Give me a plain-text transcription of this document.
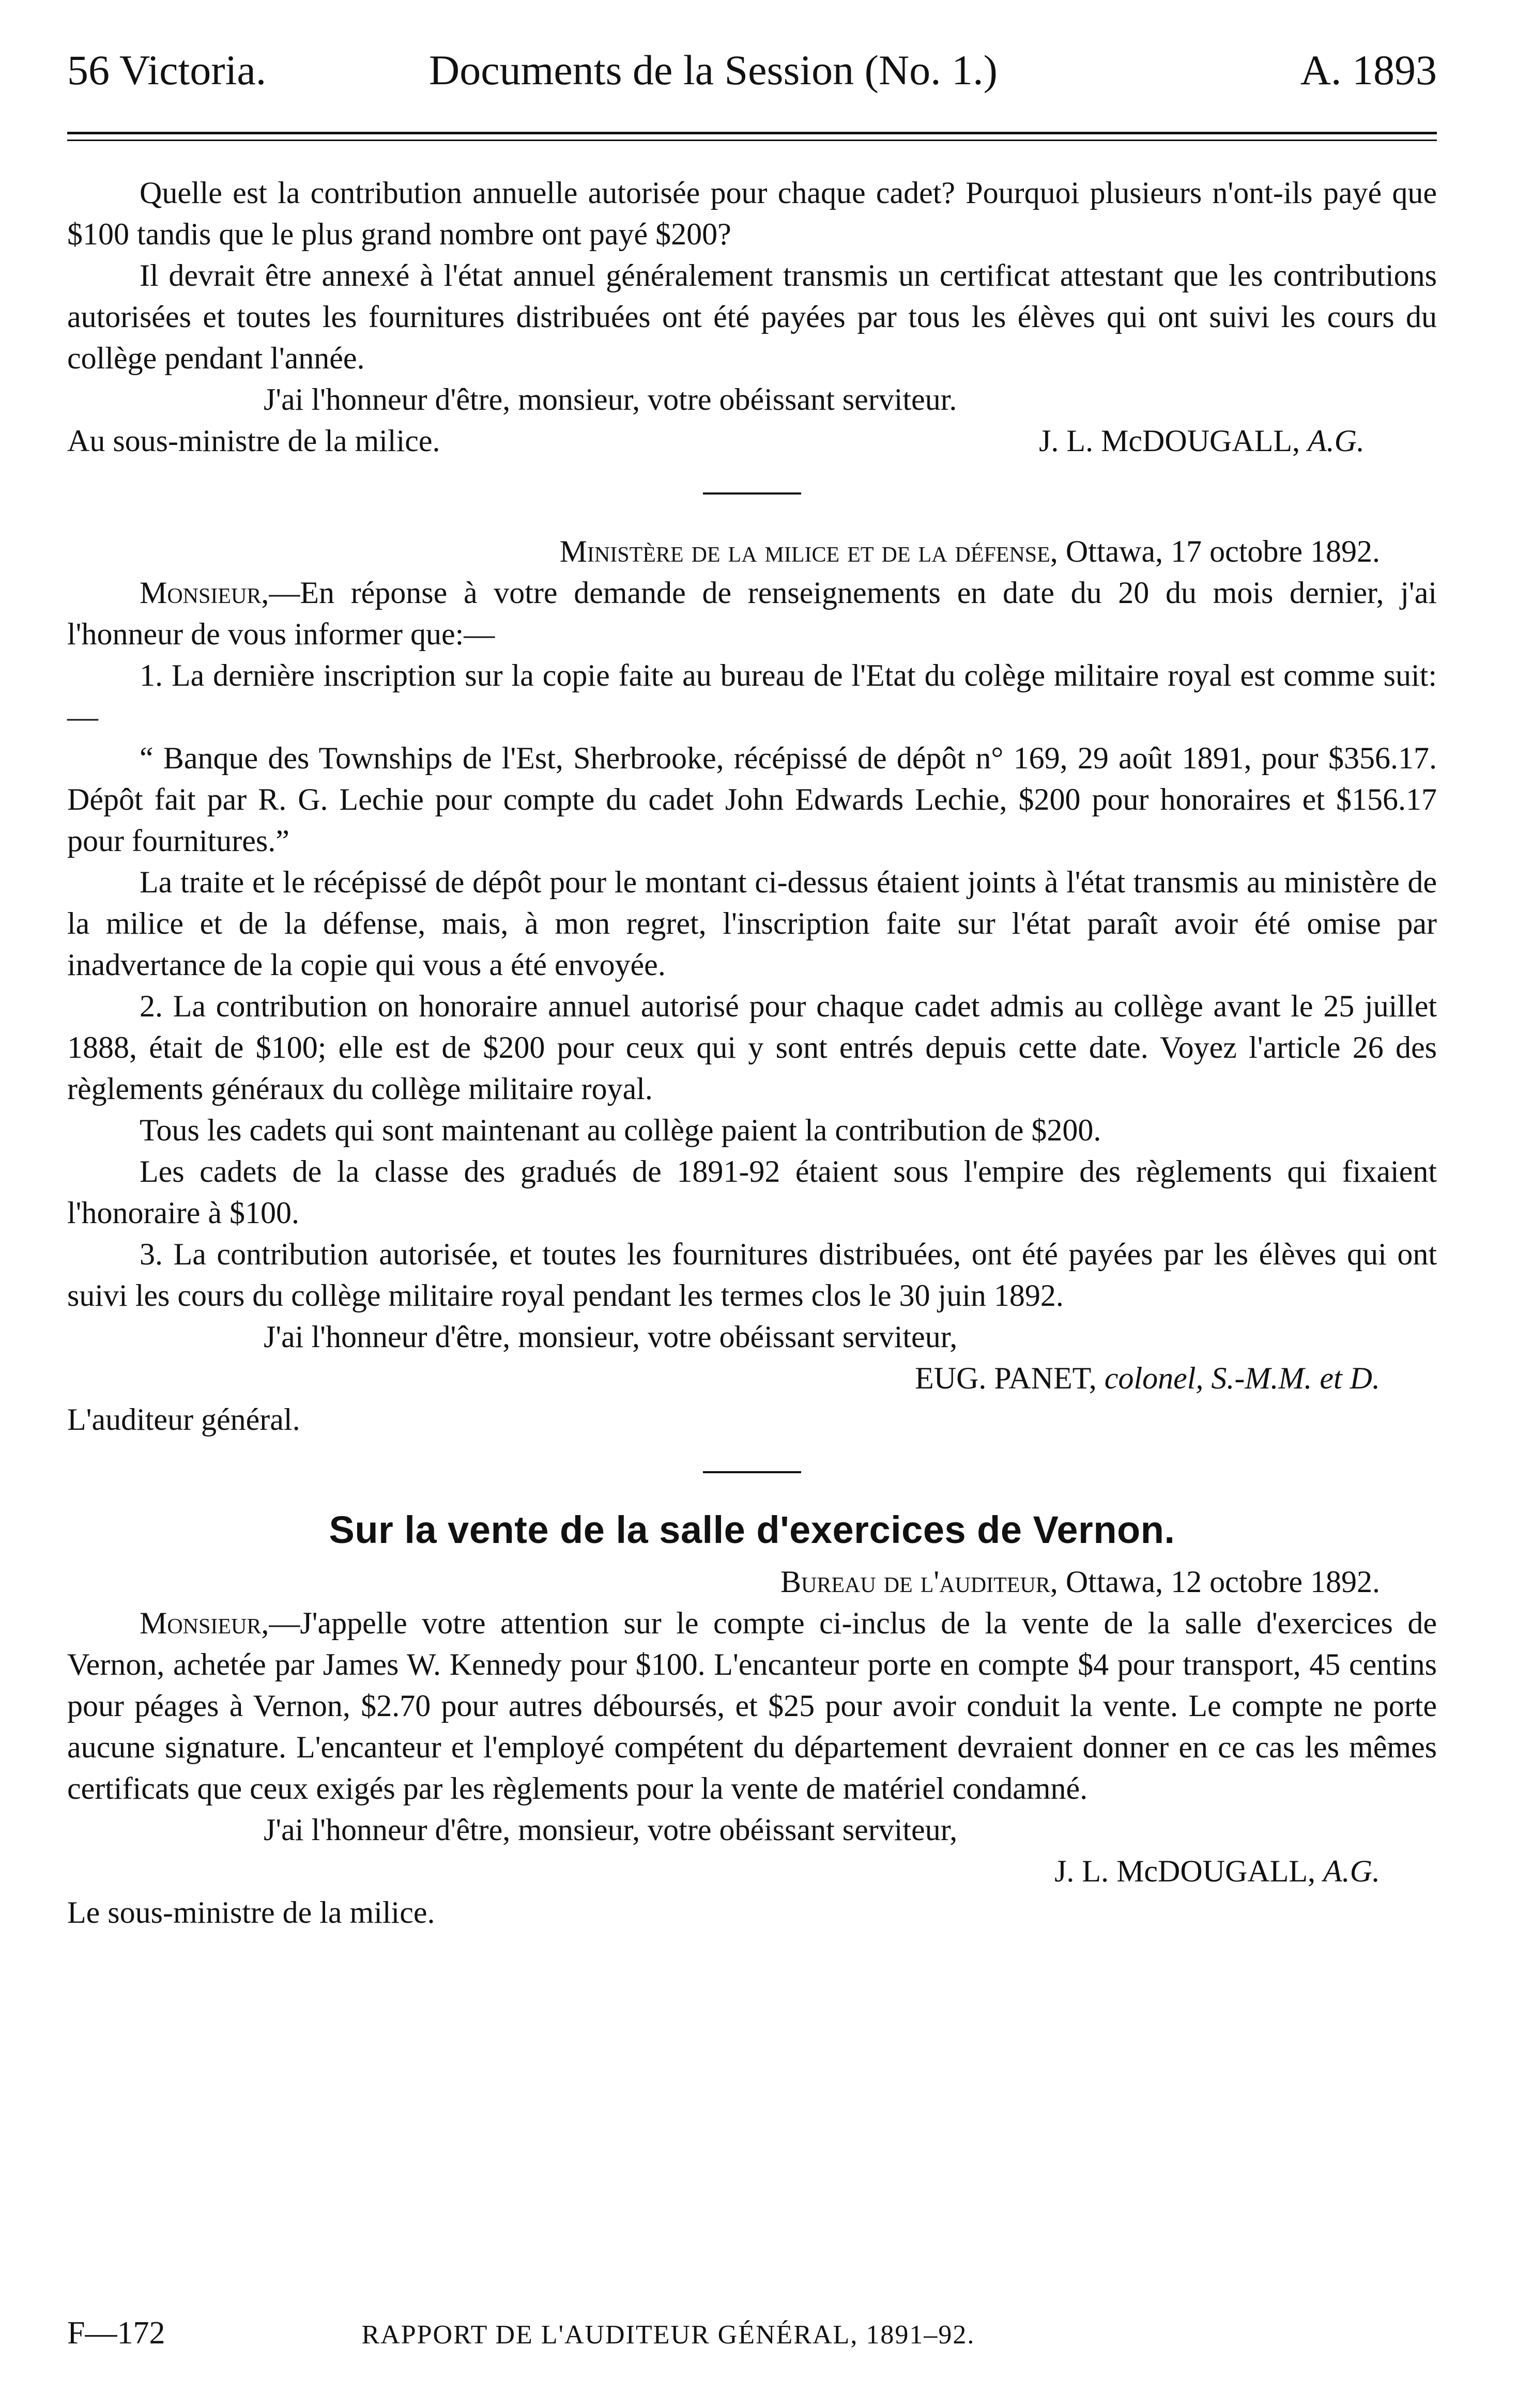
56 Victoria.	Documents de la Session (No. 1.)	A. 1893

Quelle est la contribution annuelle autorisée pour chaque cadet? Pourquoi plusieurs n'ont-ils payé que $100 tandis que le plus grand nombre ont payé $200?

Il devrait être annexé à l'état annuel généralement transmis un certificat attestant que les contributions autorisées et toutes les fournitures distribuées ont été payées par tous les élèves qui ont suivi les cours du collège pendant l'année.

J'ai l'honneur d'être, monsieur, votre obéissant serviteur.

Au sous-ministre de la milice.	J. L. McDOUGALL, A.G.

Ministère de la milice et de la défense, Ottawa, 17 octobre 1892.

Monsieur,—En réponse à votre demande de renseignements en date du 20 du mois dernier, j'ai l'honneur de vous informer que:—

1. La dernière inscription sur la copie faite au bureau de l'Etat du colège militaire royal est comme suit:—

“ Banque des Townships de l'Est, Sherbrooke, récépissé de dépôt n° 169, 29 août 1891, pour $356.17. Dépôt fait par R. G. Lechie pour compte du cadet John Edwards Lechie, $200 pour honoraires et $156.17 pour fournitures.”

La traite et le récépissé de dépôt pour le montant ci-dessus étaient joints à l'état transmis au ministère de la milice et de la défense, mais, à mon regret, l'inscription faite sur l'état paraît avoir été omise par inadvertance de la copie qui vous a été envoyée.

2. La contribution on honoraire annuel autorisé pour chaque cadet admis au collège avant le 25 juillet 1888, était de $100; elle est de $200 pour ceux qui y sont entrés depuis cette date. Voyez l'article 26 des règlements généraux du collège militaire royal.

Tous les cadets qui sont maintenant au collège paient la contribution de $200.

Les cadets de la classe des gradués de 1891-92 étaient sous l'empire des règlements qui fixaient l'honoraire à $100.

3. La contribution autorisée, et toutes les fournitures distribuées, ont été payées par les élèves qui ont suivi les cours du collège militaire royal pendant les termes clos le 30 juin 1892.

J'ai l'honneur d'être, monsieur, votre obéissant serviteur,

EUG. PANET, colonel, S.-M.M. et D.

L'auditeur général.

Sur la vente de la salle d'exercices de Vernon.

Bureau de l'auditeur, Ottawa, 12 octobre 1892.

Monsieur,—J'appelle votre attention sur le compte ci-inclus de la vente de la salle d'exercices de Vernon, achetée par James W. Kennedy pour $100. L'encanteur porte en compte $4 pour transport, 45 centins pour péages à Vernon, $2.70 pour autres déboursés, et $25 pour avoir conduit la vente. Le compte ne porte aucune signature. L'encanteur et l'employé compétent du département devraient donner en ce cas les mêmes certificats que ceux exigés par les règlements pour la vente de matériel condamné.

J'ai l'honneur d'être, monsieur, votre obéissant serviteur,

J. L. McDOUGALL, A.G.

Le sous-ministre de la milice.

F—172	RAPPORT DE L'AUDITEUR GÉNÉRAL, 1891–92.
